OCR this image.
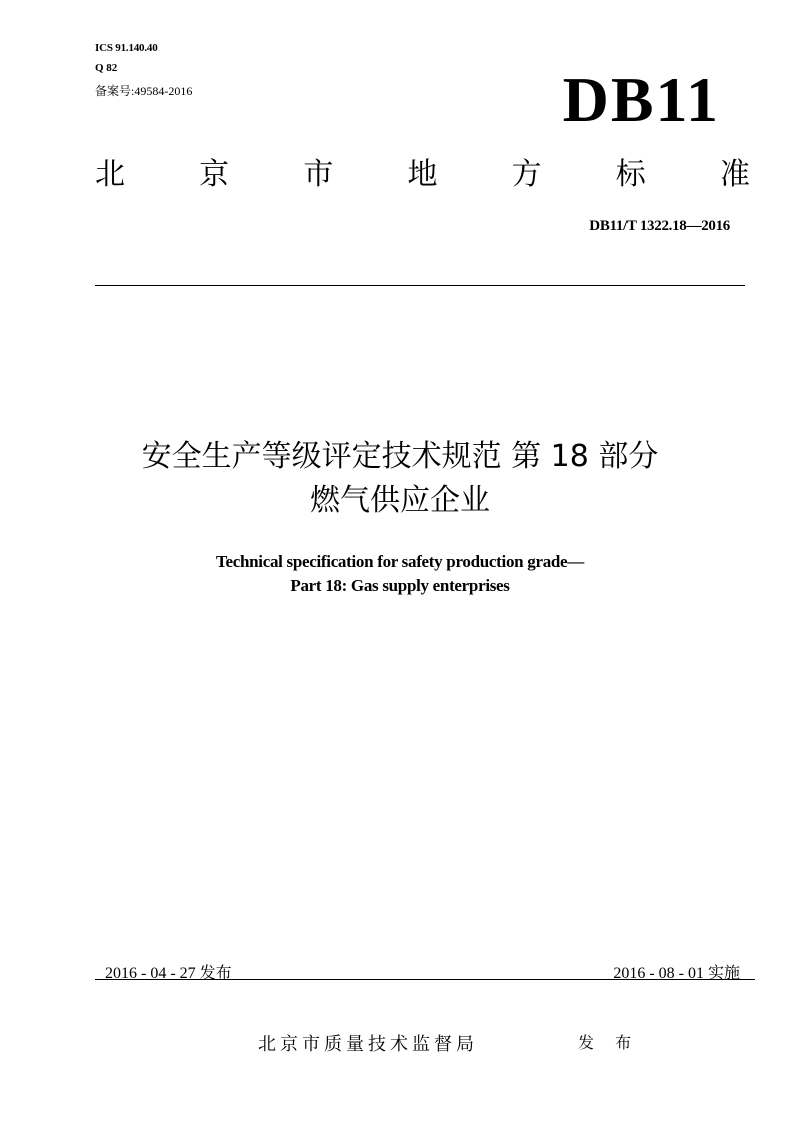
ICS 91.140.40
Q 82
备案号:49584-2016	DB11
北 京 市 地 方 标 准
DB11/T 1322.18—2016
安全生产等级评定技术规范 第 18 部分
燃气供应企业
Technical specification for safety production grade—
Part 18: Gas supply enterprises
2016 - 04 - 27 发布	2016 - 08 - 01 实施
北京市质量技术监督局	发 布
